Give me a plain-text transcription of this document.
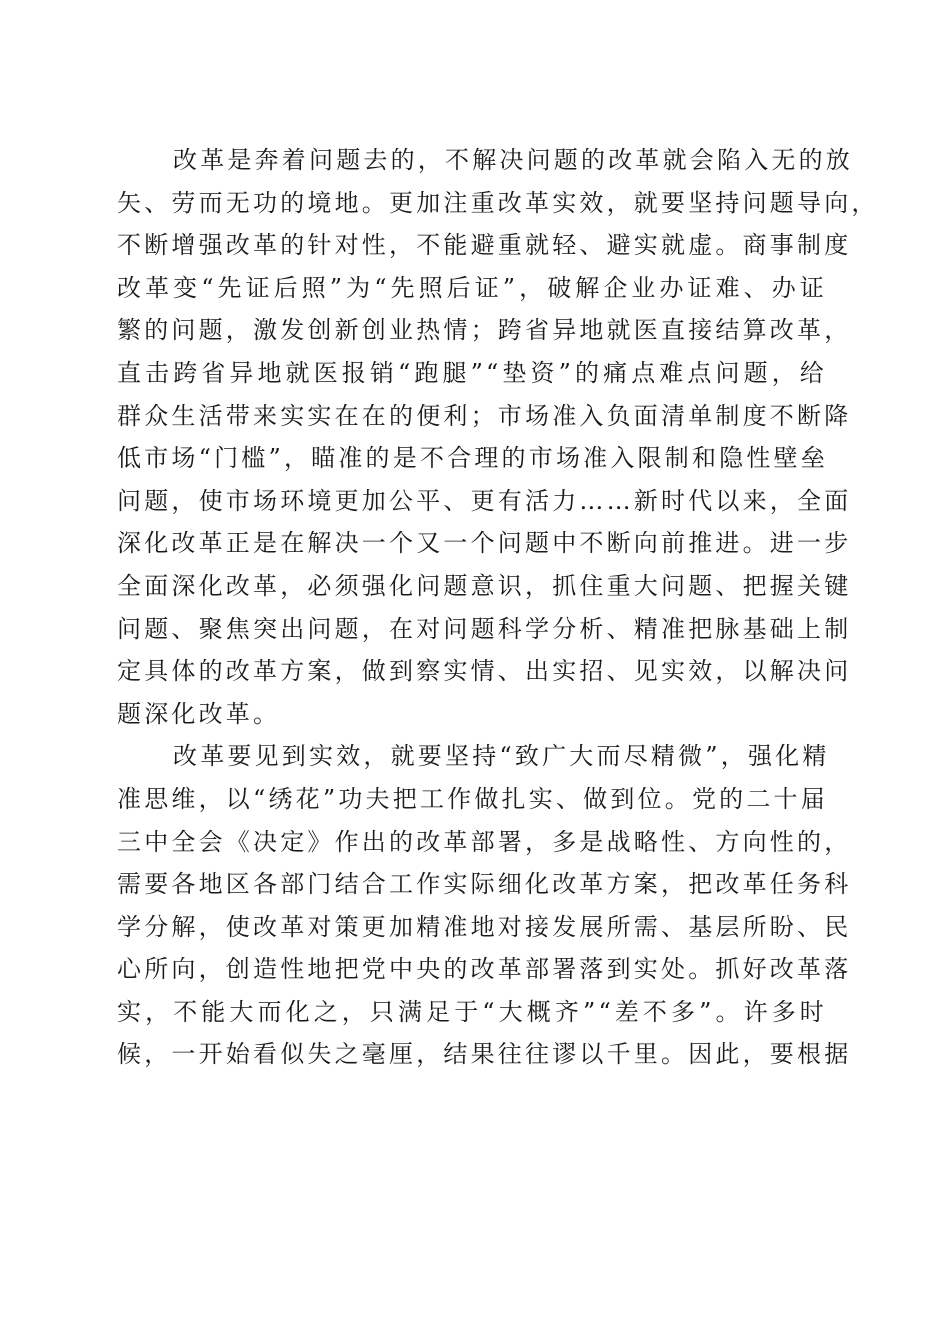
改革是奔着问题去的，不解决问题的改革就会陷入无的放
矢、劳而无功的境地。更加注重改革实效，就要坚持问题导向，
不断增强改革的针对性，不能避重就轻、避实就虚。商事制度
改革变“先证后照”为“先照后证”，破解企业办证难、办证
繁的问题，激发创新创业热情；跨省异地就医直接结算改革，
直击跨省异地就医报销“跑腿”“垫资”的痛点难点问题，给
群众生活带来实实在在的便利；市场准入负面清单制度不断降
低市场“门槛”，瞄准的是不合理的市场准入限制和隐性壁垒
问题，使市场环境更加公平、更有活力……新时代以来，全面
深化改革正是在解决一个又一个问题中不断向前推进。进一步
全面深化改革，必须强化问题意识，抓住重大问题、把握关键
问题、聚焦突出问题，在对问题科学分析、精准把脉基础上制
定具体的改革方案，做到察实情、出实招、见实效，以解决问
题深化改革。
改革要见到实效，就要坚持“致广大而尽精微”，强化精
准思维，以“绣花”功夫把工作做扎实、做到位。党的二十届
三中全会《决定》作出的改革部署，多是战略性、方向性的，
需要各地区各部门结合工作实际细化改革方案，把改革任务科
学分解，使改革对策更加精准地对接发展所需、基层所盼、民
心所向，创造性地把党中央的改革部署落到实处。抓好改革落
实，不能大而化之，只满足于“大概齐”“差不多”。许多时
候，一开始看似失之毫厘，结果往往谬以千里。因此，要根据
